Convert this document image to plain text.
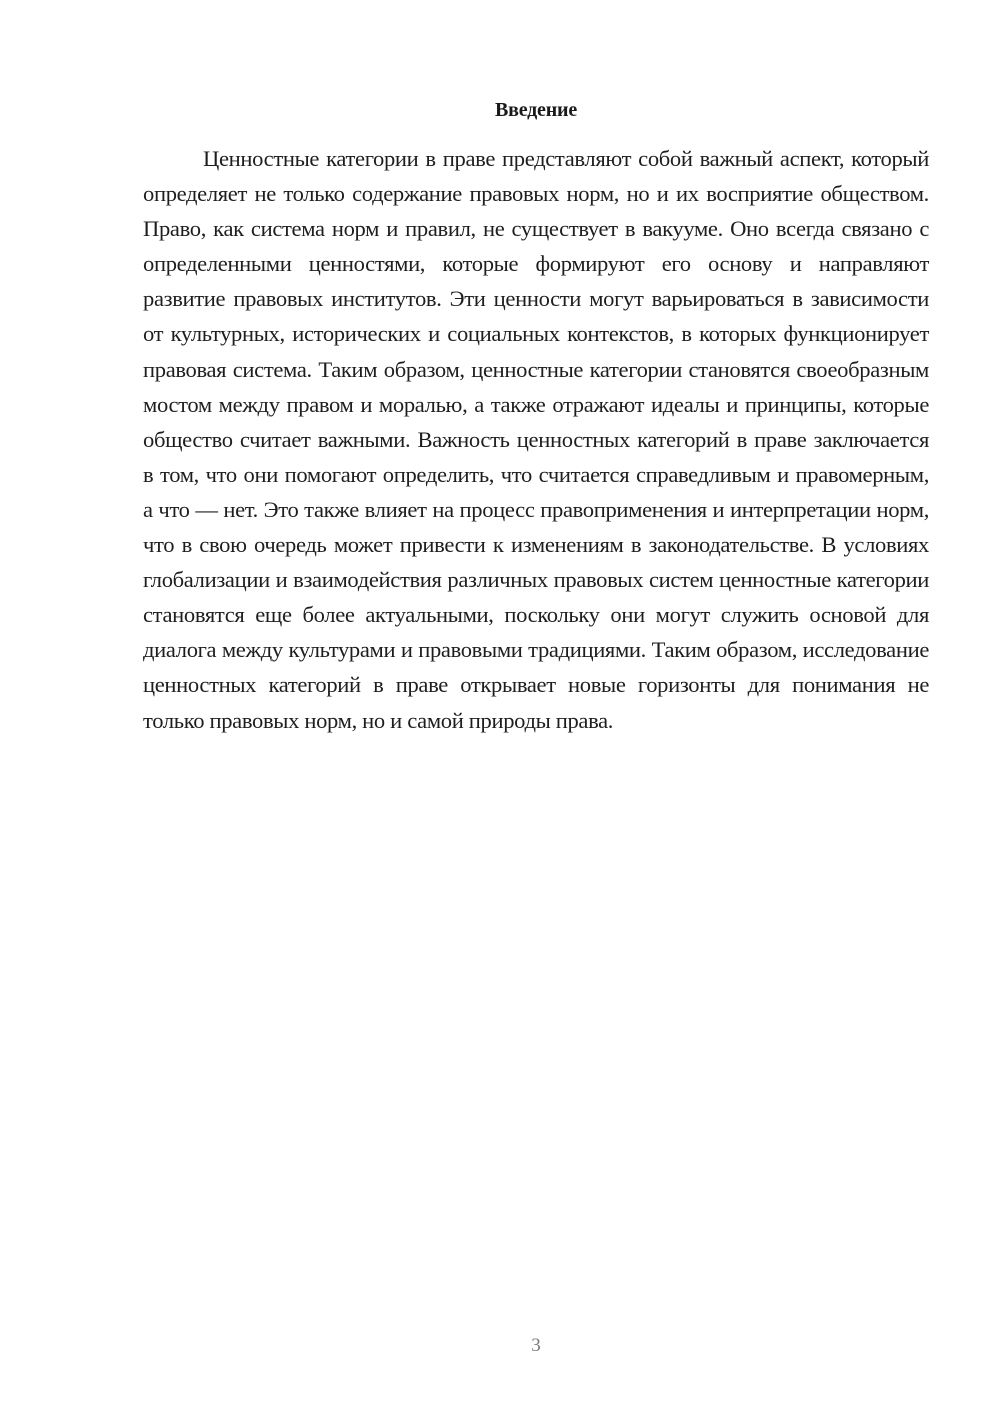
Введение

Ценностные категории в праве представляют собой важный аспект, который определяет не только содержание правовых норм, но и их восприятие обществом. Право, как система норм и правил, не существует в вакууме. Оно всегда связано с определенными ценностями, которые формируют его основу и направляют развитие правовых институтов. Эти ценности могут варьироваться в зависимости от культурных, исторических и социальных контекстов, в которых функционирует правовая система. Таким образом, ценностные категории становятся своеобразным мостом между правом и моралью, а также отражают идеалы и принципы, которые общество считает важными. Важность ценностных категорий в праве заключается в том, что они помогают определить, что считается справедливым и правомерным, а что — нет. Это также влияет на процесс правоприменения и интерпретации норм, что в свою очередь может привести к изменениям в законодательстве. В условиях глобализации и взаимодействия различных правовых систем ценностные категории становятся еще более актуальными, поскольку они могут служить основой для диалога между культурами и правовыми традициями. Таким образом, исследование ценностных категорий в праве открывает новые горизонты для понимания не только правовых норм, но и самой природы права.

3
